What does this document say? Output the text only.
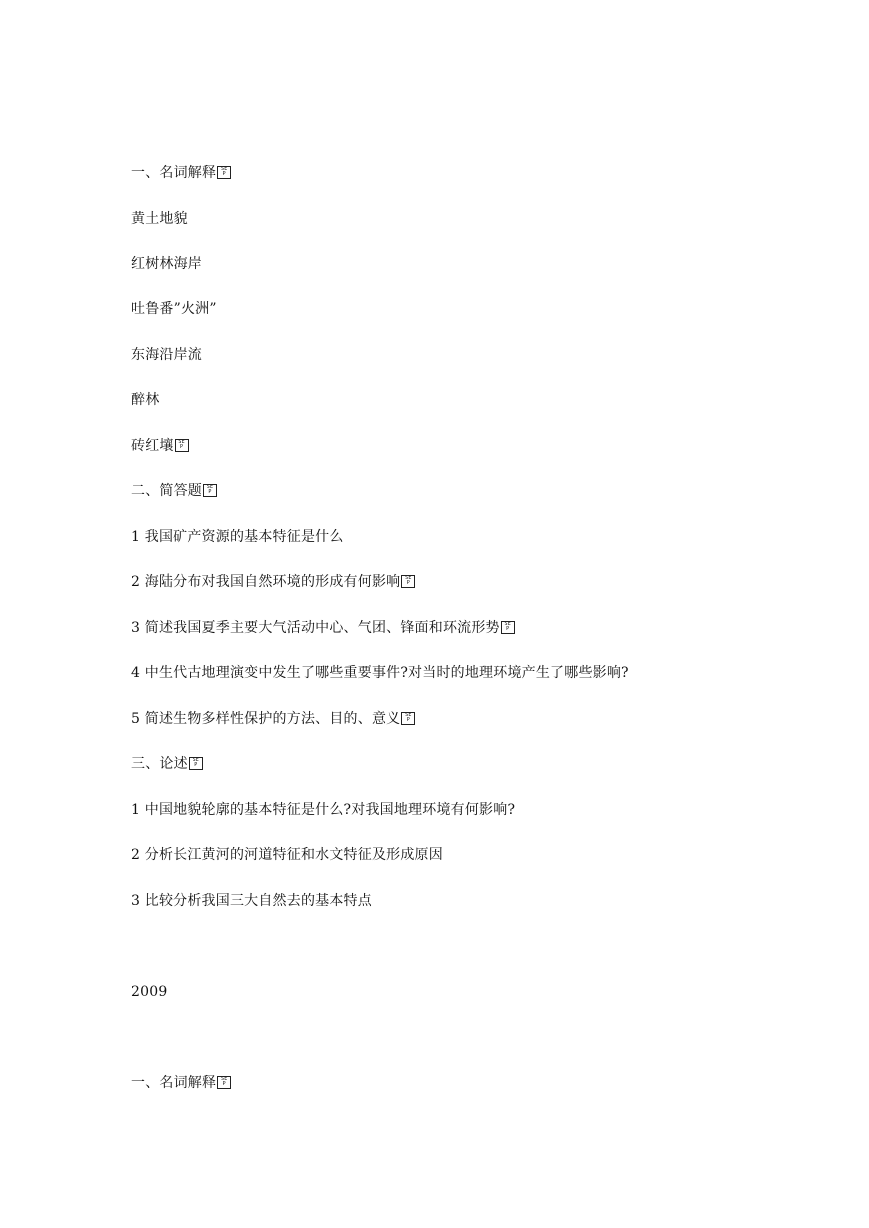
一、名词解释 SE
P
黄土地貌
红树林海岸
吐鲁番”火洲”
东海沿岸流
醉林
砖红壤 SE
P
二、简答题 SE
P
1 我国矿产资源的基本特征是什么
2 海陆分布对我国自然环境的形成有何影响 SE
P
3 简述我国夏季主要大气活动中心、气团、锋面和环流形势 SE
P
4 中生代古地理演变中发生了哪些重要事件?对当时的地理环境产生了哪些影响?
5 简述生物多样性保护的方法、目的、意义 SE
P
三、论述 SE
P
1 中国地貌轮廓的基本特征是什么?对我国地理环境有何影响?
2 分析长江黄河的河道特征和水文特征及形成原因
3 比较分析我国三大自然去的基本特点
2009
一、名词解释 SE
P
